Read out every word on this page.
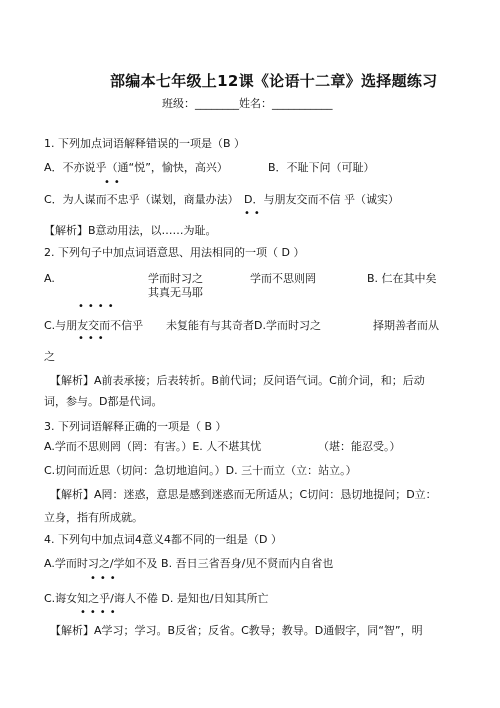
部编本七年级上12课《论语十二章》选择题练习
班级：________姓名：___________
1. 下列加点词语解释错误的一项是（B ）
A．不亦说乎（通“悦”，愉快，高兴）	B．不耻下问（可耻）
••
C．为人谋而不忠乎（谋划，商量办法） D．与朋友交而不信 乎（诚实）
••
【解析】B意动用法，以……为耻。
2. 下列句子中加点词语意思、用法相同的一项（ D ）
A.	学而时习之	学而不思则罔	B. 仁在其中矣
其真无马耶
••••
C.与朋友交而不信乎 未复能有与其奇者D.学而时习之	择期善者而从
•••
之
【解析】A前表承接；后表转折。B前代词；反问语气词。C前介词，和；后动
词，参与。D都是代词。
3. 下列词语解释正确的一项是（ B ）
A.学而不思则罔（罔：有害。）E. 人不堪其忧	（堪：能忍受。）
C.切问而近思（切问：急切地追问。）D. 三十而立（立：站立。）
【解析】A罔：迷惑，意思是感到迷惑而无所适从；C切问：恳切地提问；D立：
立身，指有所成就。
4. 下列句中加点词4意义4都不同的一组是（D ）
A.学而时习之/学如不及 B. 吾日三省吾身/见不贤而内自省也
•••
C.诲女知之乎/诲人不倦 D. 是知也/日知其所亡
••••
【解析】A学习；学习。B反省；反省。C教导；教导。D通假字，同“智”，明
